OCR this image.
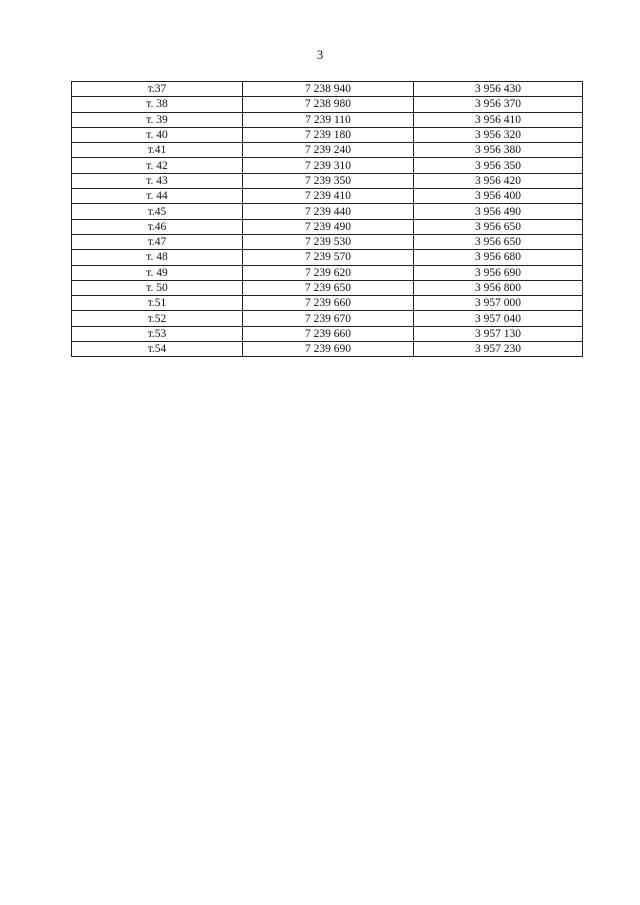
3
т.37	7 238 940	3 956 430
т. 38	7 238 980	3 956 370
т. 39	7 239 110	3 956 410
т. 40	7 239 180	3 956 320
т.41	7 239 240	3 956 380
т. 42	7 239 310	3 956 350
т. 43	7 239 350	3 956 420
т. 44	7 239 410	3 956 400
т.45	7 239 440	3 956 490
т.46	7 239 490	3 956 650
т.47	7 239 530	3 956 650
т. 48	7 239 570	3 956 680
т. 49	7 239 620	3 956 690
т. 50	7 239 650	3 956 800
т.51	7 239 660	3 957 000
т.52	7 239 670	3 957 040
т.53	7 239 660	3 957 130
т.54	7 239 690	3 957 230
